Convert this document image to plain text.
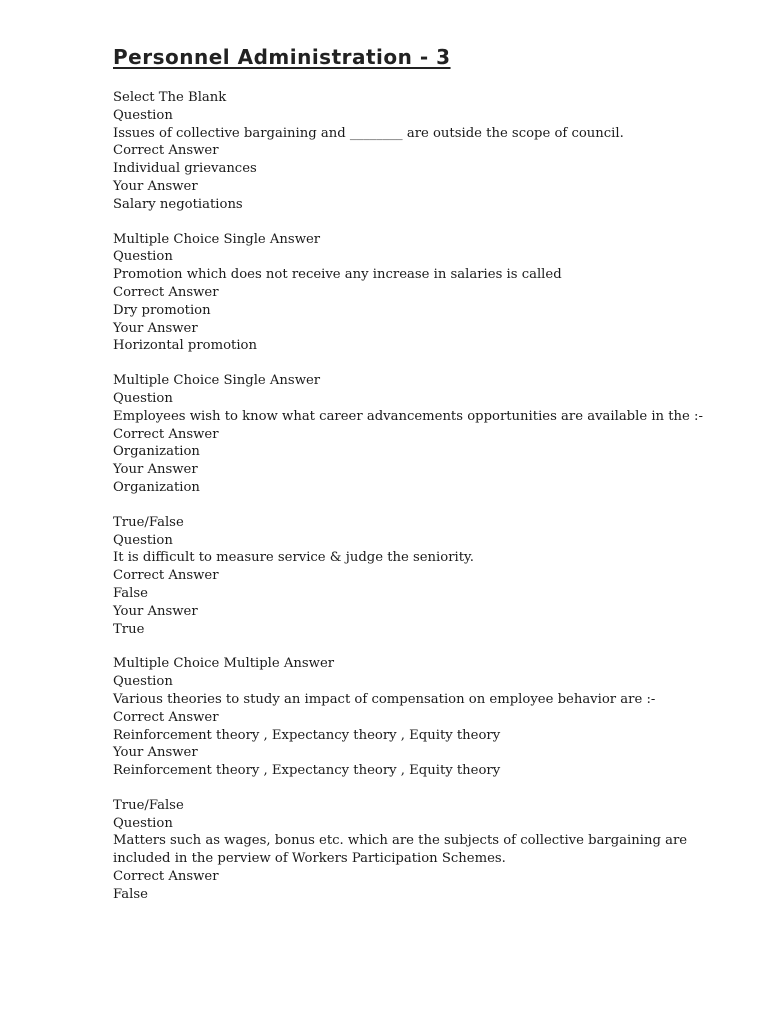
Personnel Administration - 3
Select The Blank
Question
Issues of collective bargaining and ________ are outside the scope of council.
Correct Answer
Individual grievances
Your Answer
Salary negotiations
Multiple Choice Single Answer
Question
Promotion which does not receive any increase in salaries is called
Correct Answer
Dry promotion
Your Answer
Horizontal promotion
Multiple Choice Single Answer
Question
Employees wish to know what career advancements opportunities are available in the :-
Correct Answer
Organization
Your Answer
Organization
True/False
Question
It is difficult to measure service & judge the seniority.
Correct Answer
False
Your Answer
True
Multiple Choice Multiple Answer
Question
Various theories to study an impact of compensation on employee behavior are :-
Correct Answer
Reinforcement theory , Expectancy theory , Equity theory
Your Answer
Reinforcement theory , Expectancy theory , Equity theory
True/False
Question
Matters such as wages, bonus etc. which are the subjects of collective bargaining are included in the perview of Workers Participation Schemes.
Correct Answer
False
